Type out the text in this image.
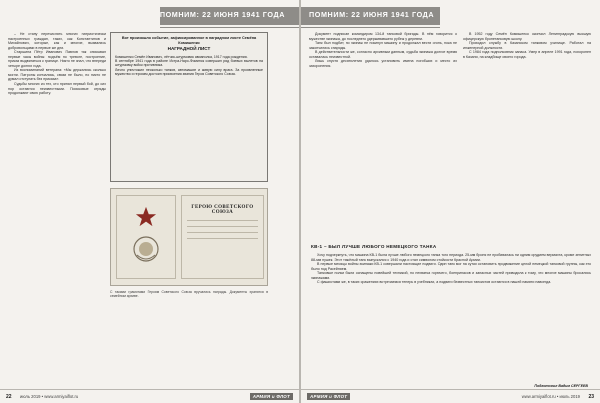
ПОМНИМ: 22 ИЮНЯ 1941 ГОДА

– Не стану перечислять многих патриотически настроенных граждан, таких, как Константинов и Михайлович, которые, как и многие, вызвались добровольцами в первые же дни.

Старшина Пётр Иванович Павлов так описывал первые часы войны: подъём по тревоге, построение, приказ выдвигаться к границе. Никто не знал, что впереди четыре долгих года.

Из воспоминаний ветерана: «Мы держались сколько могли. Патроны кончались, связи не было, но никто не думал отступать без приказа».

Судьбы многих из тех, кто принял первый бой, до сих пор остаются неизвестными. Поисковые отряды продолжают свою работу.

Вот произошло событие, зафиксированное в наградном листе Семёна Комишенко
НАГРАДНОЙ ЛИСТ

Комишенко Семён Иванович, лётчик-штурмовик авиаполка, 1917 года рождения.

В сентябре 1941 года в районе Истра-Наро-Фоминск совершил ряд боевых вылетов на штурмовку войск противника.

Лично уничтожил несколько танков, автомашин и живую силу врага. За проявленные мужество и героизм достоин присвоения звания Героя Советского Союза.

ГЕРОЮ СОВЕТСКОГО СОЮЗА
С такими грамотами Героям Советского Союза вручались награды. Документы хранятся в семейном архиве.
22 июль 2019 • www.armiyaiflot.ru	АРМИЯ и ФЛОТ
ПОМНИМ: 22 ИЮНЯ 1941 ГОДА

Документ подписан командиром 134-й танковой бригады. В нём говорится о мужестве экипажа, до последнего удерживавшего рубеж у деревни.

Танк был подбит, но экипаж не покинул машину и продолжал вести огонь, пока не закончились снаряды.

В действительности же, согласно архивным данным, судьба экипажа долгое время оставалась неизвестной.

Лишь спустя десятилетия удалось установить имена погибших и место их захоронения.

В 1952 году Семён Комишенко окончил Ленинградскую высшую офицерскую бронетанковую школу.

Проходил службу в Казанском танковом училище. Работал на инженерной должности.

С 1984 года подполковник запаса. Умер в апреле 1991 года, похоронен в Казани, на кладбище своего города.

КВ-1 – БЫЛ ЛУЧШЕ ЛЮБОГО НЕМЕЦКОГО ТАНКА

Хочу подчеркнуть, что машина КВ-1 была лучше любого немецкого танка того периода. 25-мм броня не пробивалась ни одним орудием вермахта, кроме зенитных 88-мм пушек. Этот тяжёлый танк выпускался с 1940 года и стал символом стойкости Красной Армии.

В первые месяцы войны экипажи КВ-1 совершали настоящие подвиги. Один танк мог на сутки остановить продвижение целой немецкой танковой группы, как это было под Расейняем.

Танковые полки были оснащены новейшей техникой, но нехватка горючего, боеприпасов и запасных частей приводила к тому, что многие машины бросались экипажами.

С фашистами же, в таких сражениях встречаемся теперь в учебниках, а подвиги безвестных танкистов остаются в нашей памяти навсегда.

Подготовил Вадим СЕРГЕЕВ
АРМИЯ и ФЛОТ	www.armiyaiflot.ru • июль 2019 23
